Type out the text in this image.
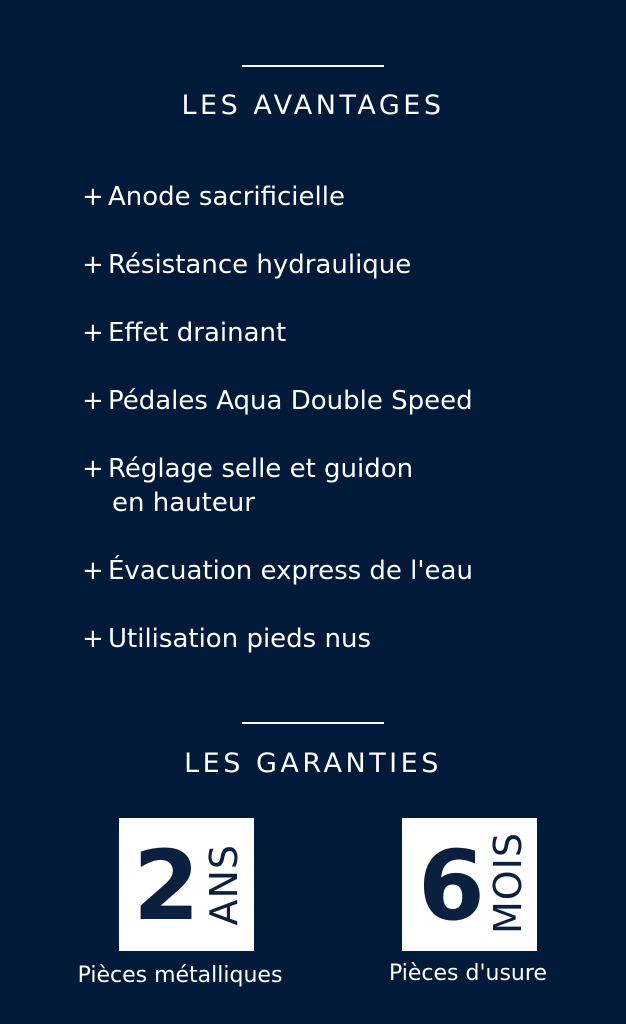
LES AVANTAGES
+ Anode sacrificielle
+ Résistance hydraulique
+ Effet drainant
+ Pédales Aqua Double Speed
+ Réglage selle et guidon
en hauteur
+ Évacuation express de l'eau
+ Utilisation pieds nus
LES GARANTIES
2 ANS
Pièces métalliques
6 MOIS
Pièces d'usure
